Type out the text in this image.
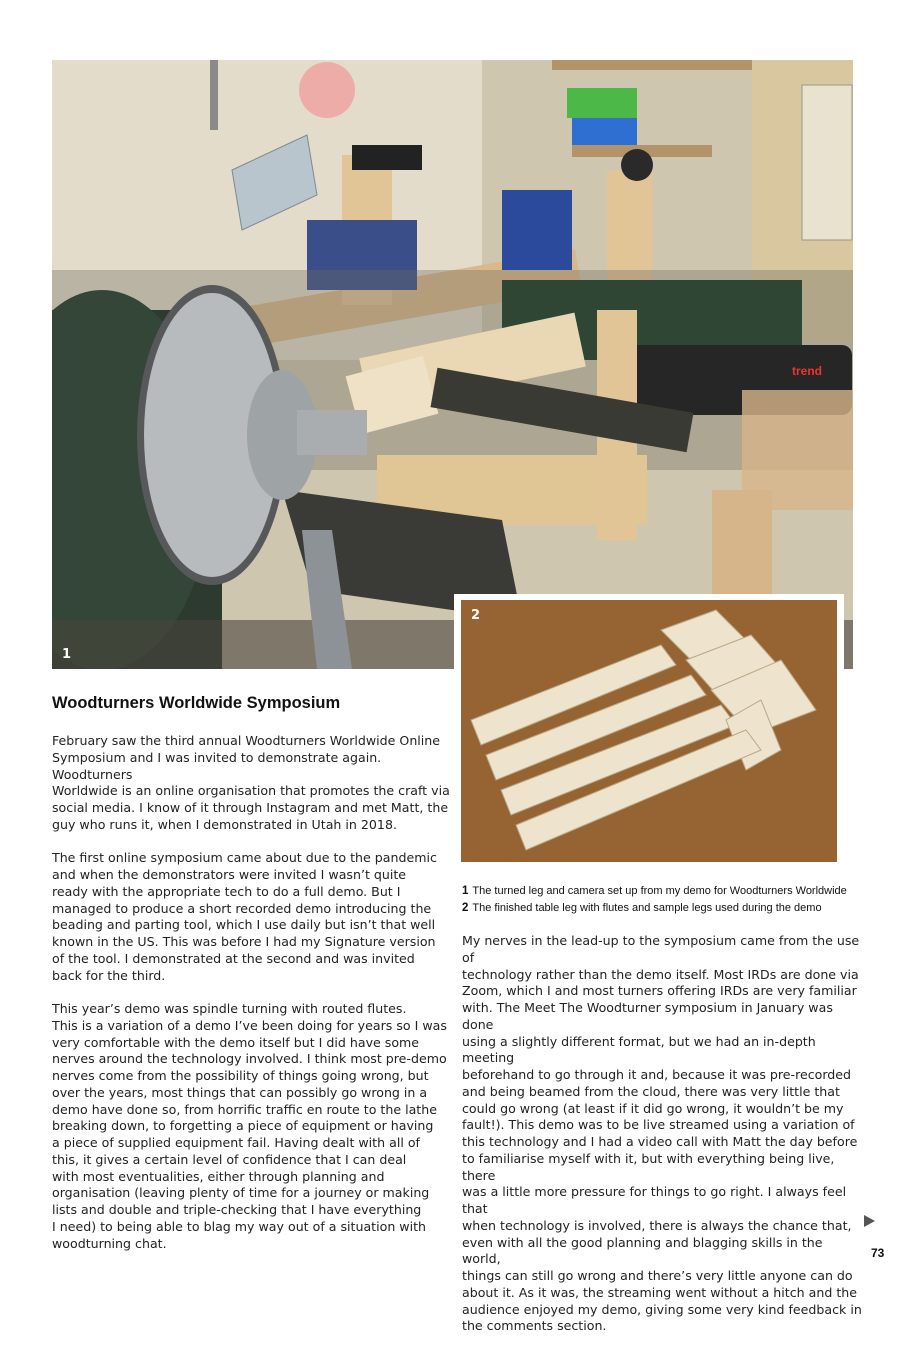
trend
1
2
Woodturners Worldwide Symposium

February saw the third annual Woodturners Worldwide Online
Symposium and I was invited to demonstrate again. Woodturners
Worldwide is an online organisation that promotes the craft via
social media. I know of it through Instagram and met Matt, the
guy who runs it, when I demonstrated in Utah in 2018.

The first online symposium came about due to the pandemic
and when the demonstrators were invited I wasn’t quite
ready with the appropriate tech to do a full demo. But I
managed to produce a short recorded demo introducing the
beading and parting tool, which I use daily but isn’t that well
known in the US. This was before I had my Signature version
of the tool. I demonstrated at the second and was invited
back for the third.

This year’s demo was spindle turning with routed flutes.
This is a variation of a demo I’ve been doing for years so I was
very comfortable with the demo itself but I did have some
nerves around the technology involved. I think most pre-demo
nerves come from the possibility of things going wrong, but
over the years, most things that can possibly go wrong in a
demo have done so, from horrific traffic en route to the lathe
breaking down, to forgetting a piece of equipment or having
a piece of supplied equipment fail. Having dealt with all of
this, it gives a certain level of confidence that I can deal
with most eventualities, either through planning and
organisation (leaving plenty of time for a journey or making
lists and double and triple-checking that I have everything
I need) to being able to blag my way out of a situation with
woodturning chat.

1 The turned leg and camera set up from my demo for Woodturners Worldwide
2 The finished table leg with flutes and sample legs used during the demo

My nerves in the lead-up to the symposium came from the use of
technology rather than the demo itself. Most IRDs are done via
Zoom, which I and most turners offering IRDs are very familiar
with. The Meet The Woodturner symposium in January was done
using a slightly different format, but we had an in-depth meeting
beforehand to go through it and, because it was pre-recorded
and being beamed from the cloud, there was very little that
could go wrong (at least if it did go wrong, it wouldn’t be my
fault!). This demo was to be live streamed using a variation of
this technology and I had a video call with Matt the day before
to familiarise myself with it, but with everything being live, there
was a little more pressure for things to go right. I always feel that
when technology is involved, there is always the chance that,
even with all the good planning and blagging skills in the world,
things can still go wrong and there’s very little anyone can do
about it. As it was, the streaming went without a hitch and the
audience enjoyed my demo, giving some very kind feedback in
the comments section.

73
